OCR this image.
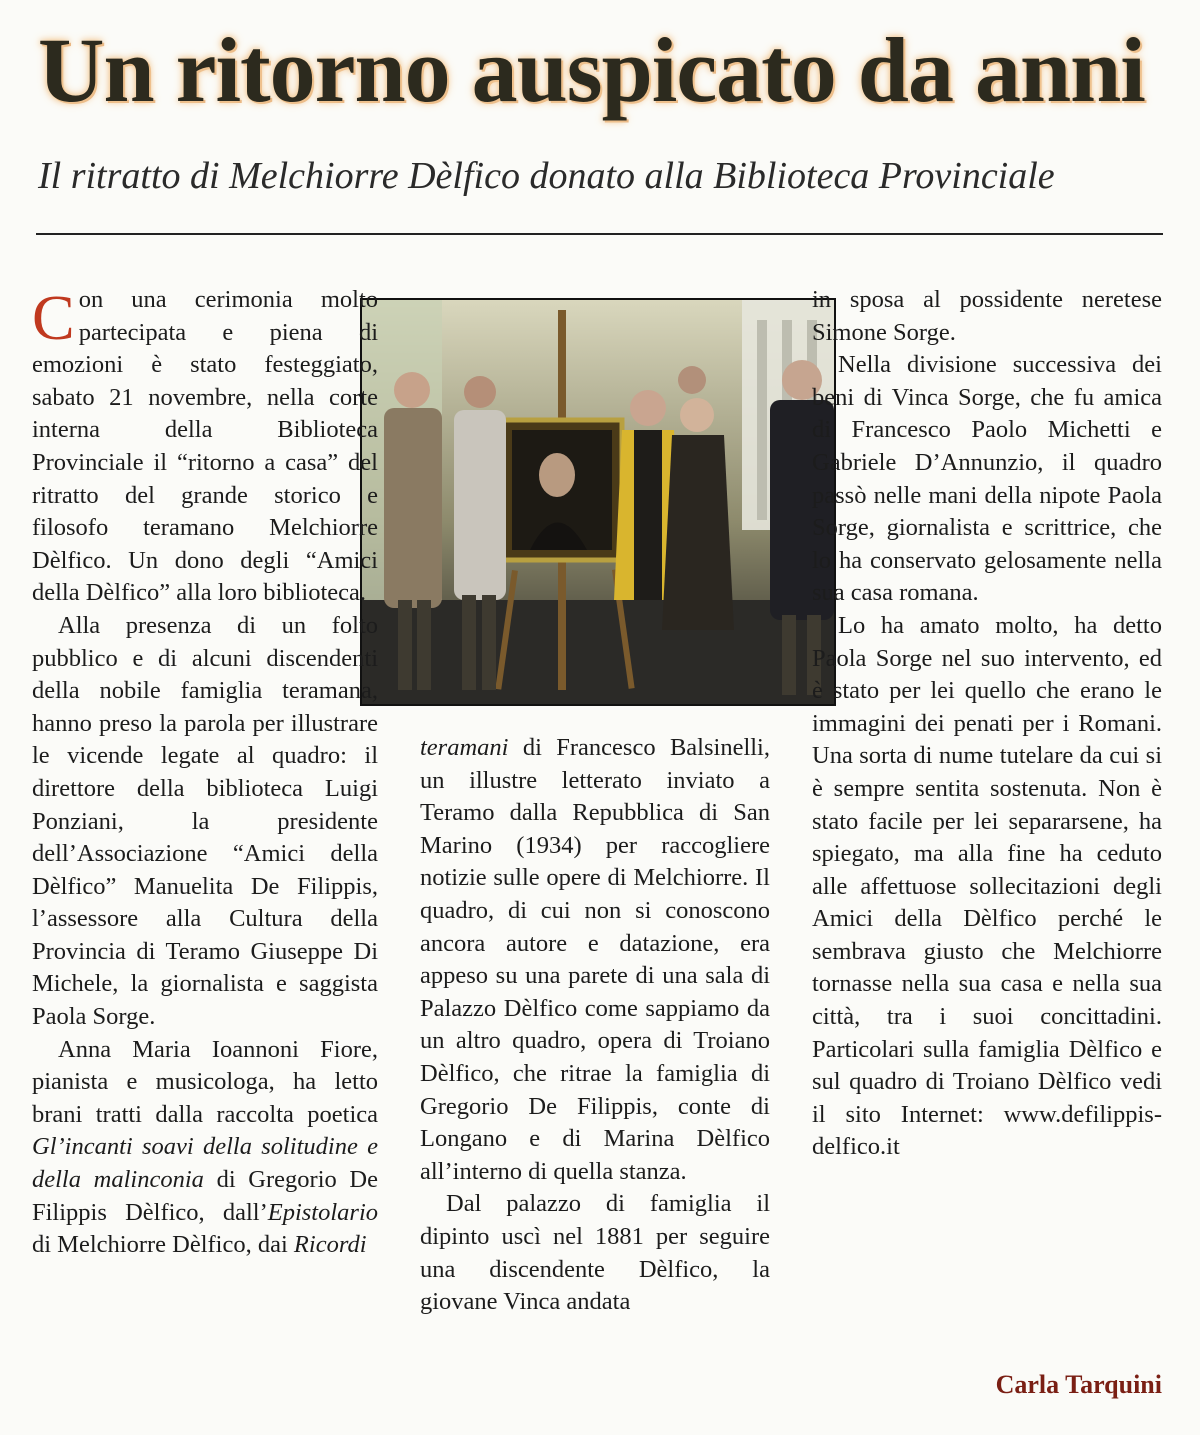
Un ritorno auspicato da anni
Il ritratto di Melchiorre Dèlfico donato alla Biblioteca Provinciale

C on una cerimonia molto partecipata e piena di emozioni è stato festeggiato, sabato 21 novembre, nella corte interna della Biblioteca Provinciale il “ritorno a casa” del ritratto del grande storico e filosofo teramano Melchiorre Dèlfico. Un dono degli “Amici della Dèlfico” alla loro biblioteca.

Alla presenza di un folto pubblico e di alcuni discendenti della nobile famiglia teramana, hanno preso la parola per illustrare le vicende legate al quadro: il direttore della biblioteca Luigi Ponziani, la presidente dell’Associazione “Amici della Dèlfico” Manuelita De Filippis, l’assessore alla Cultura della Provincia di Teramo Giuseppe Di Michele, la giornalista e saggista Paola Sorge.

Anna Maria Ioannoni Fiore, pianista e musicologa, ha letto brani tratti dalla raccolta poetica Gl’incanti soavi della solitudine e della malinconia di Gregorio De Filippis Dèlfico, dall’Epistolario di Melchiorre Dèlfico, dai Ricordi

teramani di Francesco Balsinelli, un illustre letterato inviato a Teramo dalla Repubblica di San Marino (1934) per raccogliere notizie sulle opere di Melchiorre. Il quadro, di cui non si conoscono ancora autore e datazione, era appeso su una parete di una sala di Palazzo Dèlfico come sappiamo da un altro quadro, opera di Troiano Dèlfico, che ritrae la famiglia di Gregorio De Filippis, conte di Longano e di Marina Dèlfico all’interno di quella stanza.

Dal palazzo di famiglia il dipinto uscì nel 1881 per seguire una discendente Dèlfico, la giovane Vinca andata

in sposa al possidente neretese Simone Sorge.

Nella divisione successiva dei beni di Vinca Sorge, che fu amica di Francesco Paolo Michetti e Gabriele D’Annunzio, il quadro passò nelle mani della nipote Paola Sorge, giornalista e scrittrice, che lo ha conservato gelosamente nella sua casa romana.

Lo ha amato molto, ha detto Paola Sorge nel suo intervento, ed è stato per lei quello che erano le immagini dei penati per i Romani. Una sorta di nume tutelare da cui si è sempre sentita sostenuta. Non è stato facile per lei separarsene, ha spiegato, ma alla fine ha ceduto alle affettuose sollecitazioni degli Amici della Dèlfico perché le sembrava giusto che Melchiorre tornasse nella sua casa e nella sua città, tra i suoi concittadini. Particolari sulla famiglia Dèlfico e sul quadro di Troiano Dèlfico vedi il sito Internet: www.defilippis-delfico.it

Carla Tarquini
